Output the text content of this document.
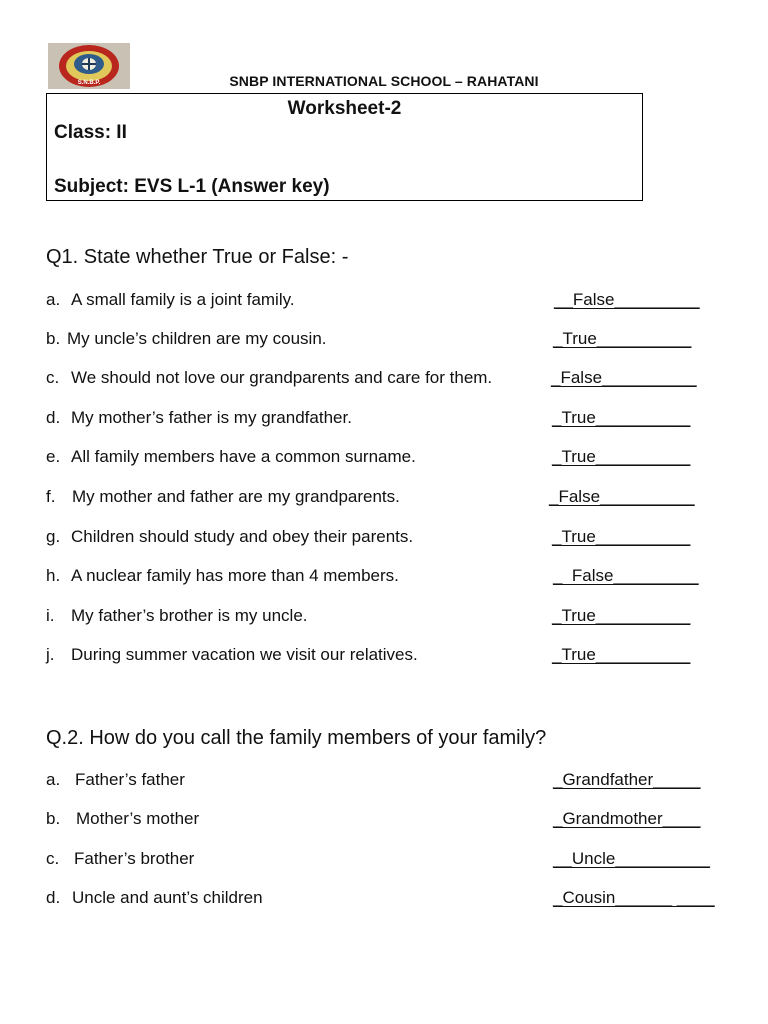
S.N.B.P.	SNBP INTERNATIONAL SCHOOL – RAHATANI
Worksheet-2
Class: II
Subject: EVS L-1 (Answer key)
Q1. State whether True or False: -
a. A small family is a joint family.	__False_________
b. My uncle’s children are my cousin.	_True__________
c. We should not love our grandparents and care for them.	_False__________
d. My mother’s father is my grandfather.	_True__________
e. All family members have a common surname.	_True__________
f. My mother and father are my grandparents.	_False__________
g. Children should study and obey their parents.	_True__________
h. A nuclear family has more than 4 members.	_  False_________
i. My father’s brother is my uncle.	_True__________
j. During summer vacation we visit our relatives.	_True__________
Q.2. How do you call the family members of your family?
a. Father’s father	_Grandfather_____
b. Mother’s mother	_Grandmother____
c. Father’s brother	__Uncle__________
d. Uncle and aunt’s children	_Cousin______ ____
